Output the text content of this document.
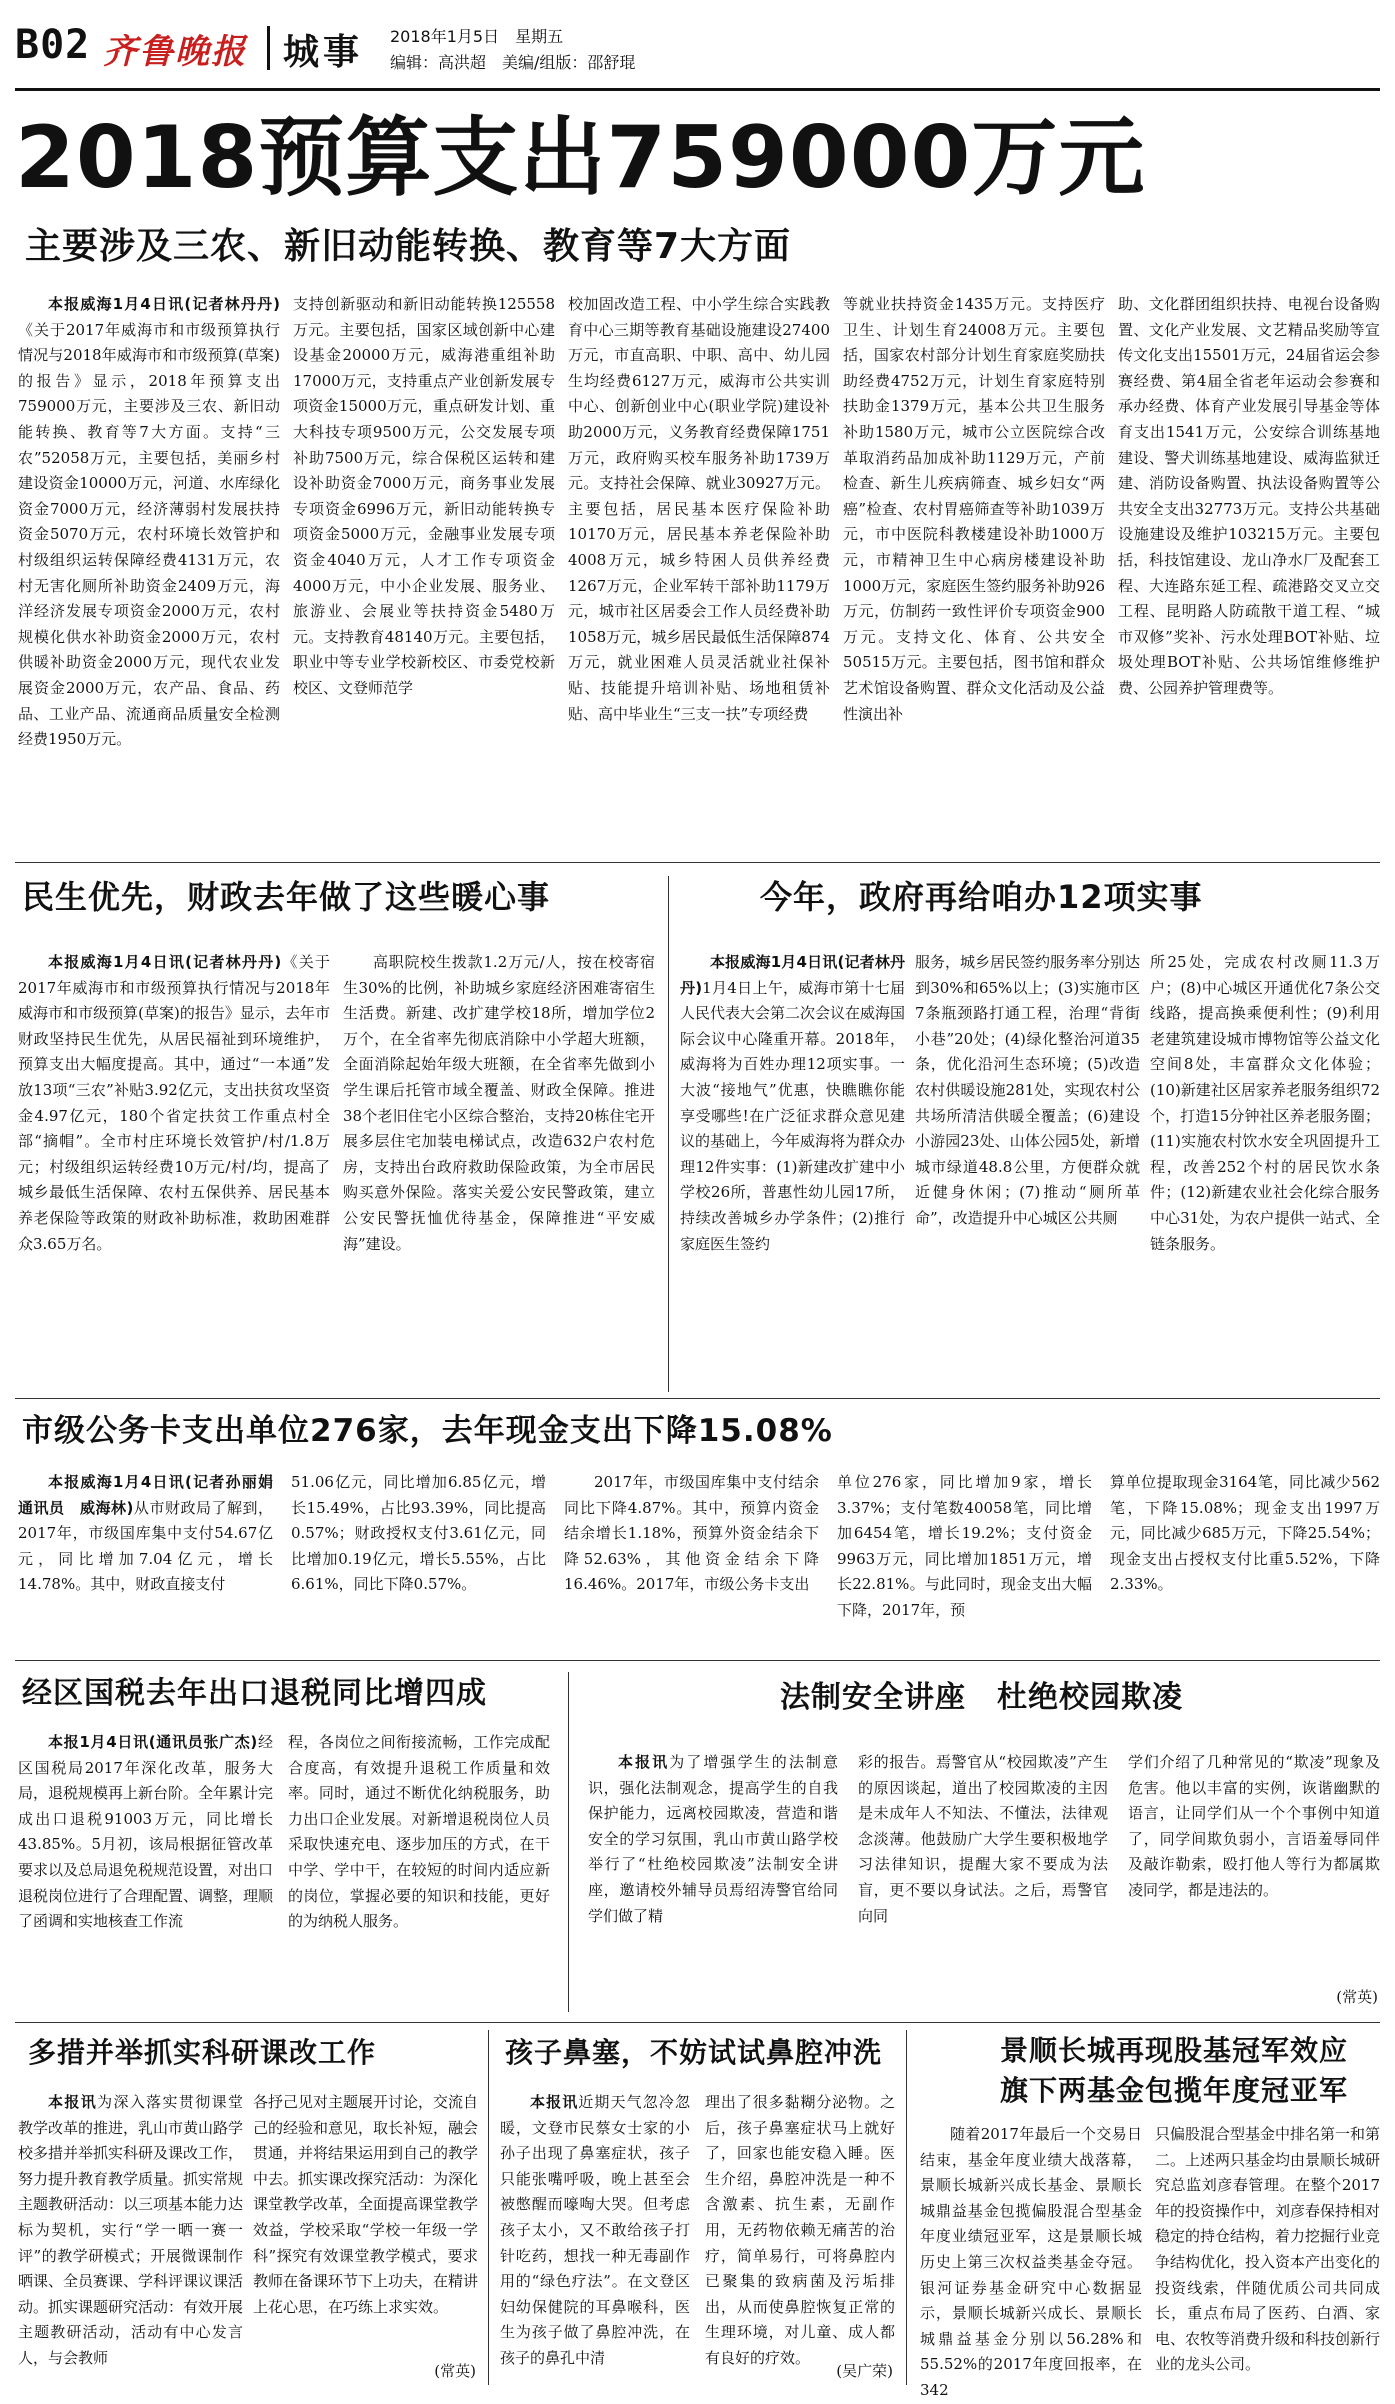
B02 齐鲁晚报 城事 2018年1月5日　星期五
编辑：高洪超　美编/组版：邵舒琨
2018预算支出759000万元
主要涉及三农、新旧动能转换、教育等7大方面

本报威海1月4日讯(记者林丹丹)《关于2017年威海市和市级预算执行情况与2018年威海市和市级预算(草案)的报告》显示，2018年预算支出759000万元，主要涉及三农、新旧动能转换、教育等7大方面。支持“三农”52058万元，主要包括，美丽乡村建设资金10000万元，河道、水库绿化资金7000万元，经济薄弱村发展扶持资金5070万元，农村环境长效管护和村级组织运转保障经费4131万元，农村无害化厕所补助资金2409万元，海洋经济发展专项资金2000万元，农村规模化供水补助资金2000万元，农村供暖补助资金2000万元，现代农业发展资金2000万元，农产品、食品、药品、工业产品、流通商品质量安全检测经费1950万元。

支持创新驱动和新旧动能转换125558万元。主要包括，国家区域创新中心建设基金20000万元，威海港重组补助17000万元，支持重点产业创新发展专项资金15000万元，重点研发计划、重大科技专项9500万元，公交发展专项补助7500万元，综合保税区运转和建设补助资金7000万元，商务事业发展专项资金6996万元，新旧动能转换专项资金5000万元，金融事业发展专项资金4040万元，人才工作专项资金4000万元，中小企业发展、服务业、旅游业、会展业等扶持资金5480万元。支持教育48140万元。主要包括，职业中等专业学校新校区、市委党校新校区、文登师范学

校加固改造工程、中小学生综合实践教育中心三期等教育基础设施建设27400万元，市直高职、中职、高中、幼儿园生均经费6127万元，威海市公共实训中心、创新创业中心(职业学院)建设补助2000万元，义务教育经费保障1751万元，政府购买校车服务补助1739万元。支持社会保障、就业30927万元。主要包括，居民基本医疗保险补助10170万元，居民基本养老保险补助4008万元，城乡特困人员供养经费1267万元，企业军转干部补助1179万元，城市社区居委会工作人员经费补助1058万元，城乡居民最低生活保障874万元，就业困难人员灵活就业社保补贴、技能提升培训补贴、场地租赁补贴、高中毕业生“三支一扶”专项经费

等就业扶持资金1435万元。支持医疗卫生、计划生育24008万元。主要包括，国家农村部分计划生育家庭奖励扶助经费4752万元，计划生育家庭特别扶助金1379万元，基本公共卫生服务补助1580万元，城市公立医院综合改革取消药品加成补助1129万元，产前检查、新生儿疾病筛查、城乡妇女“两癌”检查、农村胃癌筛查等补助1039万元，市中医院科教楼建设补助1000万元，市精神卫生中心病房楼建设补助1000万元，家庭医生签约服务补助926万元，仿制药一致性评价专项资金900万元。支持文化、体育、公共安全50515万元。主要包括，图书馆和群众艺术馆设备购置、群众文化活动及公益性演出补

助、文化群团组织扶持、电视台设备购置、文化产业发展、文艺精品奖励等宣传文化支出15501万元，24届省运会参赛经费、第4届全省老年运动会参赛和承办经费、体育产业发展引导基金等体育支出1541万元，公安综合训练基地建设、警犬训练基地建设、威海监狱迁建、消防设备购置、执法设备购置等公共安全支出32773万元。支持公共基础设施建设及维护103215万元。主要包括，科技馆建设、龙山净水厂及配套工程、大连路东延工程、疏港路交叉立交工程、昆明路人防疏散干道工程、“城市双修”奖补、污水处理BOT补贴、垃圾处理BOT补贴、公共场馆维修维护费、公园养护管理费等。

民生优先，财政去年做了这些暖心事

本报威海1月4日讯(记者林丹丹)《关于2017年威海市和市级预算执行情况与2018年威海市和市级预算(草案)的报告》显示，去年市财政坚持民生优先，从居民福祉到环境维护，预算支出大幅度提高。其中，通过“一本通”发放13项“三农”补贴3.92亿元，支出扶贫攻坚资金4.97亿元，180个省定扶贫工作重点村全部“摘帽”。全市村庄环境长效管护/村/1.8万元；村级组织运转经费10万元/村/均，提高了城乡最低生活保障、农村五保供养、居民基本养老保险等政策的财政补助标准，救助困难群众3.65万名。

高职院校生拨款1.2万元/人，按在校寄宿生30%的比例，补助城乡家庭经济困难寄宿生生活费。新建、改扩建学校18所，增加学位2万个，在全省率先彻底消除中小学超大班额，全面消除起始年级大班额，在全省率先做到小学生课后托管市域全覆盖、财政全保障。推进38个老旧住宅小区综合整治，支持20栋住宅开展多层住宅加装电梯试点，改造632户农村危房，支持出台政府救助保险政策，为全市居民购买意外保险。落实关爱公安民警政策，建立公安民警抚恤优待基金，保障推进“平安威海”建设。

今年，政府再给咱办12项实事

本报威海1月4日讯(记者林丹丹)1月4日上午，威海市第十七届人民代表大会第二次会议在威海国际会议中心隆重开幕。2018年，威海将为百姓办理12项实事。一大波“接地气”优惠，快瞧瞧你能享受哪些!在广泛征求群众意见建议的基础上，今年威海将为群众办理12件实事：(1)新建改扩建中小学校26所，普惠性幼儿园17所，持续改善城乡办学条件；(2)推行家庭医生签约

服务，城乡居民签约服务率分别达到30%和65%以上；(3)实施市区7条瓶颈路打通工程，治理“背街小巷”20处；(4)绿化整治河道35条，优化沿河生态环境；(5)改造农村供暖设施281处，实现农村公共场所清洁供暖全覆盖；(6)建设小游园23处、山体公园5处，新增城市绿道48.8公里，方便群众就近健身休闲；(7)推动“厕所革命”，改造提升中心城区公共厕

所25处，完成农村改厕11.3万户；(8)中心城区开通优化7条公交线路，提高换乘便利性；(9)利用老建筑建设城市博物馆等公益文化空间8处，丰富群众文化体验；(10)新建社区居家养老服务组织72个，打造15分钟社区养老服务圈；(11)实施农村饮水安全巩固提升工程，改善252个村的居民饮水条件；(12)新建农业社会化综合服务中心31处，为农户提供一站式、全链条服务。

市级公务卡支出单位276家，去年现金支出下降15.08%

本报威海1月4日讯(记者孙丽娟　通讯员　威海林)从市财政局了解到，2017年，市级国库集中支付54.67亿元，同比增加7.04亿元，增长14.78%。其中，财政直接支付

51.06亿元，同比增加6.85亿元，增长15.49%，占比93.39%，同比提高0.57%；财政授权支付3.61亿元，同比增加0.19亿元，增长5.55%，占比6.61%，同比下降0.57%。

2017年，市级国库集中支付结余同比下降4.87%。其中，预算内资金结余增长1.18%，预算外资金结余下降52.63%，其他资金结余下降16.46%。2017年，市级公务卡支出

单位276家，同比增加9家，增长3.37%；支付笔数40058笔，同比增加6454笔，增长19.2%；支付资金9963万元，同比增加1851万元，增长22.81%。与此同时，现金支出大幅下降，2017年，预

算单位提取现金3164笔，同比减少562笔，下降15.08%；现金支出1997万元，同比减少685万元，下降25.54%；现金支出占授权支付比重5.52%，下降2.33%。

经区国税去年出口退税同比增四成

本报1月4日讯(通讯员张广杰)经区国税局2017年深化改革，服务大局，退税规模再上新台阶。全年累计完成出口退税91003万元，同比增长43.85%。5月初，该局根据征管改革要求以及总局退免税规范设置，对出口退税岗位进行了合理配置、调整，理顺了函调和实地核查工作流

程，各岗位之间衔接流畅，工作完成配合度高，有效提升退税工作质量和效率。同时，通过不断优化纳税服务，助力出口企业发展。对新增退税岗位人员采取快速充电、逐步加压的方式，在干中学、学中干，在较短的时间内适应新的岗位，掌握必要的知识和技能，更好的为纳税人服务。

法制安全讲座　杜绝校园欺凌

本报讯为了增强学生的法制意识，强化法制观念，提高学生的自我保护能力，远离校园欺凌，营造和谐安全的学习氛围，乳山市黄山路学校举行了“杜绝校园欺凌”法制安全讲座，邀请校外辅导员焉绍涛警官给同学们做了精

彩的报告。焉警官从“校园欺凌”产生的原因谈起，道出了校园欺凌的主因是未成年人不知法、不懂法，法律观念淡薄。他鼓励广大学生要积极地学习法律知识，提醒大家不要成为法盲，更不要以身试法。之后，焉警官向同

学们介绍了几种常见的“欺凌”现象及危害。他以丰富的实例，诙谐幽默的语言，让同学们从一个个事例中知道了，同学间欺负弱小，言语羞辱同伴及敲诈勒索，殴打他人等行为都属欺凌同学，都是违法的。

(常英)
多措并举抓实科研课改工作

本报讯为深入落实贯彻课堂教学改革的推进，乳山市黄山路学校多措并举抓实科研及课改工作，努力提升教育教学质量。抓实常规主题教研活动：以三项基本能力达标为契机，实行“学一晒一赛一评”的教学研模式；开展微课制作晒课、全员赛课、学科评课议课活动。抓实课题研究活动：有效开展主题教研活动，活动有中心发言人，与会教师

各抒己见对主题展开讨论，交流自己的经验和意见，取长补短，融会贯通，并将结果运用到自己的教学中去。抓实课改探究活动：为深化课堂教学改革，全面提高课堂教学效益，学校采取“学校一年级一学科”探究有效课堂教学模式，要求教师在备课环节下上功夫，在精讲上花心思，在巧练上求实效。

(常英)
孩子鼻塞，不妨试试鼻腔冲洗

本报讯近期天气忽冷忽暖，文登市民蔡女士家的小孙子出现了鼻塞症状，孩子只能张嘴呼吸，晚上甚至会被憋醒而嚎啕大哭。但考虑孩子太小，又不敢给孩子打针吃药，想找一种无毒副作用的“绿色疗法”。在文登区妇幼保健院的耳鼻喉科，医生为孩子做了鼻腔冲洗，在孩子的鼻孔中清

理出了很多黏糊分泌物。之后，孩子鼻塞症状马上就好了，回家也能安稳入睡。医生介绍，鼻腔冲洗是一种不含激素、抗生素，无副作用，无药物依赖无痛苦的治疗，简单易行，可将鼻腔内已聚集的致病菌及污垢排出，从而使鼻腔恢复正常的生理环境，对儿童、成人都有良好的疗效。

(吴广荣)
景顺长城再现股基冠军效应
旗下两基金包揽年度冠亚军

随着2017年最后一个交易日结束，基金年度业绩大战落幕，景顺长城新兴成长基金、景顺长城鼎益基金包揽偏股混合型基金年度业绩冠亚军，这是景顺长城历史上第三次权益类基金夺冠。银河证券基金研究中心数据显示，景顺长城新兴成长、景顺长城鼎益基金分别以56.28%和55.52%的2017年度回报率，在342

只偏股混合型基金中排名第一和第二。上述两只基金均由景顺长城研究总监刘彦春管理。在整个2017年的投资操作中，刘彦春保持相对稳定的持仓结构，着力挖掘行业竞争结构优化，投入资本产出变化的投资线索，伴随优质公司共同成长，重点布局了医药、白酒、家电、农牧等消费升级和科技创新行业的龙头公司。
